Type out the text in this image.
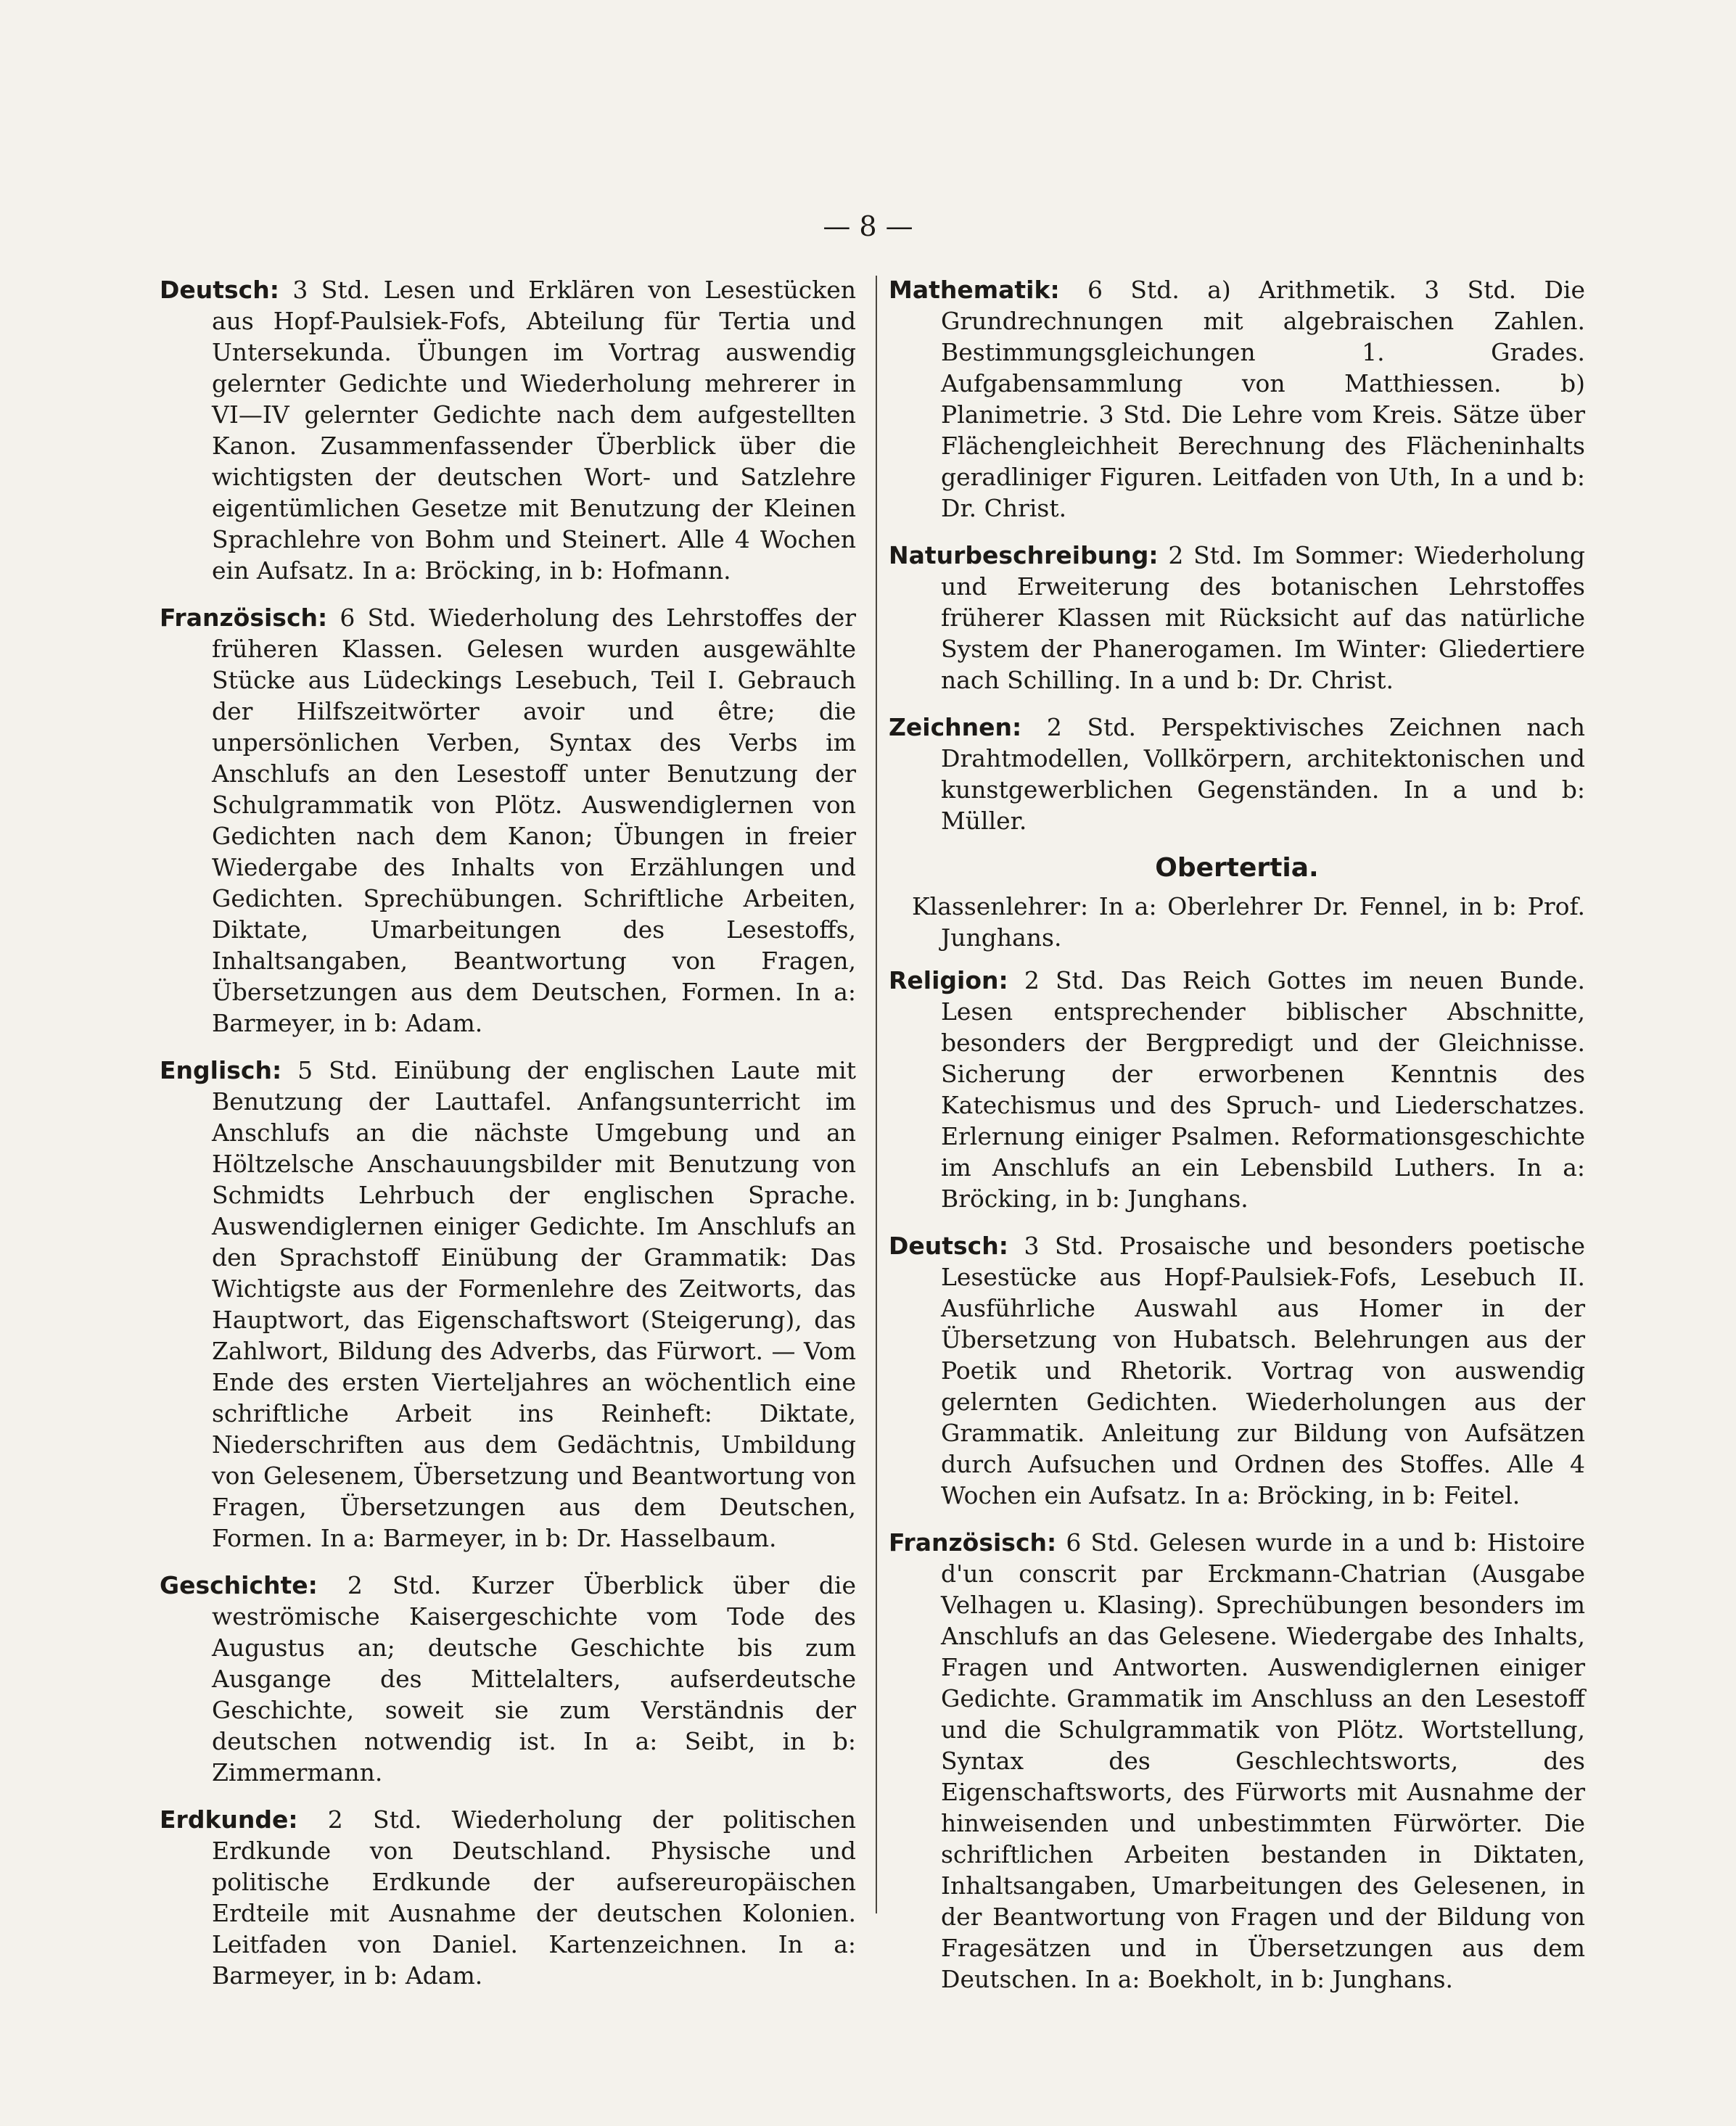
— 8 —

Deutsch: 3 Std. Lesen und Erklären von Lesestücken aus Hopf-Paulsiek-Fofs, Abteilung für Tertia und Untersekunda. Übungen im Vortrag auswendig gelernter Gedichte und Wiederholung mehrerer in VI—IV gelernter Gedichte nach dem aufgestellten Kanon. Zusammenfassender Überblick über die wichtigsten der deutschen Wort- und Satzlehre eigentümlichen Gesetze mit Benutzung der Kleinen Sprachlehre von Bohm und Steinert. Alle 4 Wochen ein Aufsatz. In a: Bröcking, in b: Hofmann.

Französisch: 6 Std. Wiederholung des Lehrstoffes der früheren Klassen. Gelesen wurden ausgewählte Stücke aus Lüdeckings Lesebuch, Teil I. Gebrauch der Hilfszeitwörter avoir und être; die unpersönlichen Verben, Syntax des Verbs im Anschlufs an den Lesestoff unter Benutzung der Schulgrammatik von Plötz. Auswendiglernen von Gedichten nach dem Kanon; Übungen in freier Wiedergabe des Inhalts von Erzählungen und Gedichten. Sprechübungen. Schriftliche Arbeiten, Diktate, Umarbeitungen des Lesestoffs, Inhaltsangaben, Beantwortung von Fragen, Übersetzungen aus dem Deutschen, Formen. In a: Barmeyer, in b: Adam.

Englisch: 5 Std. Einübung der englischen Laute mit Benutzung der Lauttafel. Anfangsunterricht im Anschlufs an die nächste Umgebung und an Höltzelsche Anschauungsbilder mit Benutzung von Schmidts Lehrbuch der englischen Sprache. Auswendiglernen einiger Gedichte. Im Anschlufs an den Sprachstoff Einübung der Grammatik: Das Wichtigste aus der Formenlehre des Zeitworts, das Hauptwort, das Eigenschaftswort (Steigerung), das Zahlwort, Bildung des Adverbs, das Fürwort. — Vom Ende des ersten Vierteljahres an wöchentlich eine schriftliche Arbeit ins Reinheft: Diktate, Niederschriften aus dem Gedächtnis, Umbildung von Gelesenem, Übersetzung und Beantwortung von Fragen, Übersetzungen aus dem Deutschen, Formen. In a: Barmeyer, in b: Dr. Hasselbaum.

Geschichte: 2 Std. Kurzer Überblick über die weströmische Kaisergeschichte vom Tode des Augustus an; deutsche Geschichte bis zum Ausgange des Mittelalters, aufserdeutsche Geschichte, soweit sie zum Verständnis der deutschen notwendig ist. In a: Seibt, in b: Zimmermann.

Erdkunde: 2 Std. Wiederholung der politischen Erdkunde von Deutschland. Physische und politische Erdkunde der aufsereuropäischen Erdteile mit Ausnahme der deutschen Kolonien. Leitfaden von Daniel. Kartenzeichnen. In a: Barmeyer, in b: Adam.

Mathematik: 6 Std. a) Arithmetik. 3 Std. Die Grundrechnungen mit algebraischen Zahlen. Bestimmungsgleichungen 1. Grades. Aufgabensammlung von Matthiessen. b) Planimetrie. 3 Std. Die Lehre vom Kreis. Sätze über Flächengleichheit Berechnung des Flächeninhalts geradliniger Figuren. Leitfaden von Uth, In a und b: Dr. Christ.

Naturbeschreibung: 2 Std. Im Sommer: Wiederholung und Erweiterung des botanischen Lehrstoffes früherer Klassen mit Rücksicht auf das natürliche System der Phanerogamen. Im Winter: Gliedertiere nach Schilling. In a und b: Dr. Christ.

Zeichnen: 2 Std. Perspektivisches Zeichnen nach Drahtmodellen, Vollkörpern, architektonischen und kunstgewerblichen Gegenständen. In a und b: Müller.

Obertertia.

Klassenlehrer: In a: Oberlehrer Dr. Fennel, in b: Prof. Junghans.

Religion: 2 Std. Das Reich Gottes im neuen Bunde. Lesen entsprechender biblischer Abschnitte, besonders der Bergpredigt und der Gleichnisse. Sicherung der erworbenen Kenntnis des Katechismus und des Spruch- und Liederschatzes. Erlernung einiger Psalmen. Reformationsgeschichte im Anschlufs an ein Lebensbild Luthers. In a: Bröcking, in b: Junghans.

Deutsch: 3 Std. Prosaische und besonders poetische Lesestücke aus Hopf-Paulsiek-Fofs, Lesebuch II. Ausführliche Auswahl aus Homer in der Übersetzung von Hubatsch. Belehrungen aus der Poetik und Rhetorik. Vortrag von auswendig gelernten Gedichten. Wiederholungen aus der Grammatik. Anleitung zur Bildung von Aufsätzen durch Aufsuchen und Ordnen des Stoffes. Alle 4 Wochen ein Aufsatz. In a: Bröcking, in b: Feitel.

Französisch: 6 Std. Gelesen wurde in a und b: Histoire d'un conscrit par Erckmann-Chatrian (Ausgabe Velhagen u. Klasing). Sprechübungen besonders im Anschlufs an das Gelesene. Wiedergabe des Inhalts, Fragen und Antworten. Auswendiglernen einiger Gedichte. Grammatik im Anschluss an den Lesestoff und die Schulgrammatik von Plötz. Wortstellung, Syntax des Geschlechtsworts, des Eigenschaftsworts, des Fürworts mit Ausnahme der hinweisenden und unbestimmten Fürwörter. Die schriftlichen Arbeiten bestanden in Diktaten, Inhaltsangaben, Umarbeitungen des Gelesenen, in der Beantwortung von Fragen und der Bildung von Fragesätzen und in Übersetzungen aus dem Deutschen. In a: Boekholt, in b: Junghans.
